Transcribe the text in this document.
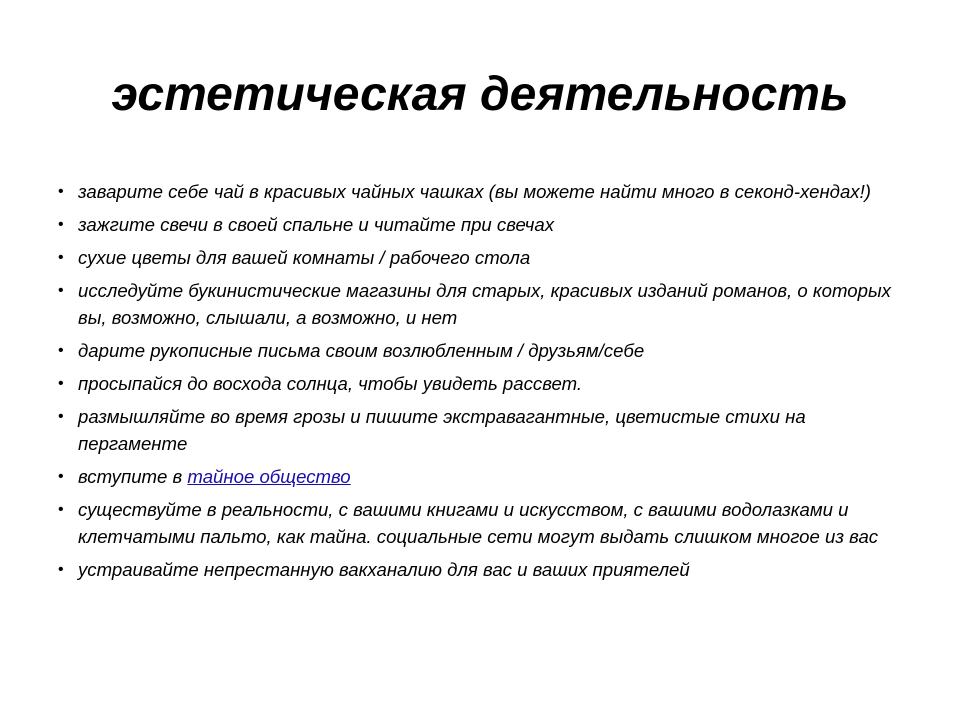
эстетическая деятельность
• заварите себе чай в красивых чайных чашках (вы можете найти много в секонд-хендах!)
• зажгите свечи в своей спальне и читайте при свечах
• сухие цветы для вашей комнаты / рабочего стола
• исследуйте букинистические магазины для старых, красивых изданий романов, о которых вы, возможно, слышали, а возможно, и нет
• дарите рукописные письма своим возлюбленным / друзьям/себе
• просыпайся до восхода солнца, чтобы увидеть рассвет.
• размышляйте во время грозы и пишите экстравагантные, цветистые стихи на пергаменте
• вступите в тайное общество
• существуйте в реальности, с вашими книгами и искусством, с вашими водолазками и клетчатыми пальто, как тайна. социальные сети могут выдать слишком многое из вас
• устраивайте непрестанную вакханалию для вас и ваших приятелей
